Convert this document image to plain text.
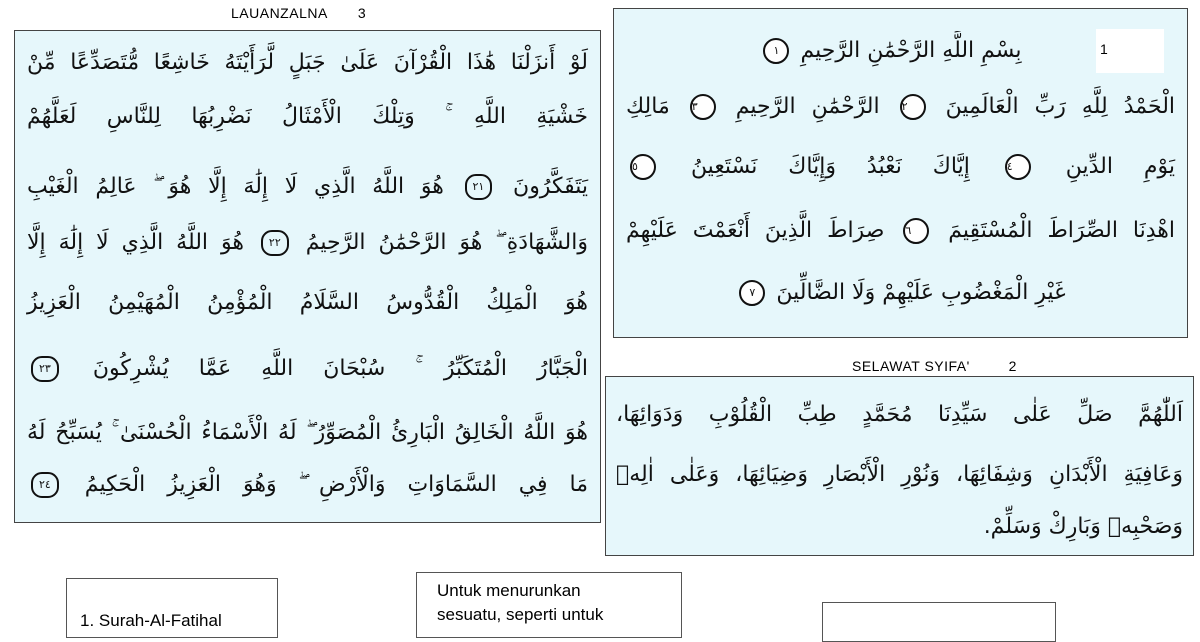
LAUANZALNA 3
لَوْ أَنزَلْنَا هَٰذَا الْقُرْآنَ عَلَىٰ جَبَلٍ لَّرَأَيْتَهُ خَاشِعًا مُّتَصَدِّعًا مِّنْ
خَشْيَةِ اللَّهِ ۚ وَتِلْكَ الْأَمْثَالُ نَضْرِبُهَا لِلنَّاسِ لَعَلَّهُمْ
يَتَفَكَّرُونَ ٢١ هُوَ اللَّهُ الَّذِي لَا إِلَٰهَ إِلَّا هُوَ ۖ عَالِمُ الْغَيْبِ
وَالشَّهَادَةِ ۖ هُوَ الرَّحْمَٰنُ الرَّحِيمُ ٢٢ هُوَ اللَّهُ الَّذِي لَا إِلَٰهَ إِلَّا
هُوَ الْمَلِكُ الْقُدُّوسُ السَّلَامُ الْمُؤْمِنُ الْمُهَيْمِنُ الْعَزِيزُ
الْجَبَّارُ الْمُتَكَبِّرُ ۚ سُبْحَانَ اللَّهِ عَمَّا يُشْرِكُونَ ٢٣
هُوَ اللَّهُ الْخَالِقُ الْبَارِئُ الْمُصَوِّرُ ۖ لَهُ الْأَسْمَاءُ الْحُسْنَىٰ ۚ يُسَبِّحُ لَهُ
مَا فِي السَّمَاوَاتِ وَالْأَرْضِ ۖ وَهُوَ الْعَزِيزُ الْحَكِيمُ ٢٤
1
بِسْمِ اللَّهِ الرَّحْمَٰنِ الرَّحِيمِ ١
الْحَمْدُ لِلَّهِ رَبِّ الْعَالَمِينَ ٢ الرَّحْمَٰنِ الرَّحِيمِ ٣ مَالِكِ
يَوْمِ الدِّينِ ٤ إِيَّاكَ نَعْبُدُ وَإِيَّاكَ نَسْتَعِينُ ٥
اهْدِنَا الصِّرَاطَ الْمُسْتَقِيمَ ٦ صِرَاطَ الَّذِينَ أَنْعَمْتَ عَلَيْهِمْ
غَيْرِ الْمَغْضُوبِ عَلَيْهِمْ وَلَا الضَّالِّينَ ٧
SELAWAT SYIFA'	2
اَللّٰهُمَّ صَلِّ عَلٰى سَيِّدِنَا مُحَمَّدٍ طِبِّ الْقُلُوْبِ وَدَوَائِهَا،
وَعَافِيَةِ الْأَبْدَانِ وَشِفَائِهَا، وَنُوْرِ الْأَبْصَارِ وَضِيَائِهَا، وَعَلٰى اٰلِهٖ
وَصَحْبِهٖ وَبَارِكْ وَسَلِّمْ.
1. Surah-Al-Fatihal
Untuk menurunkan
sesuatu, seperti untuk
